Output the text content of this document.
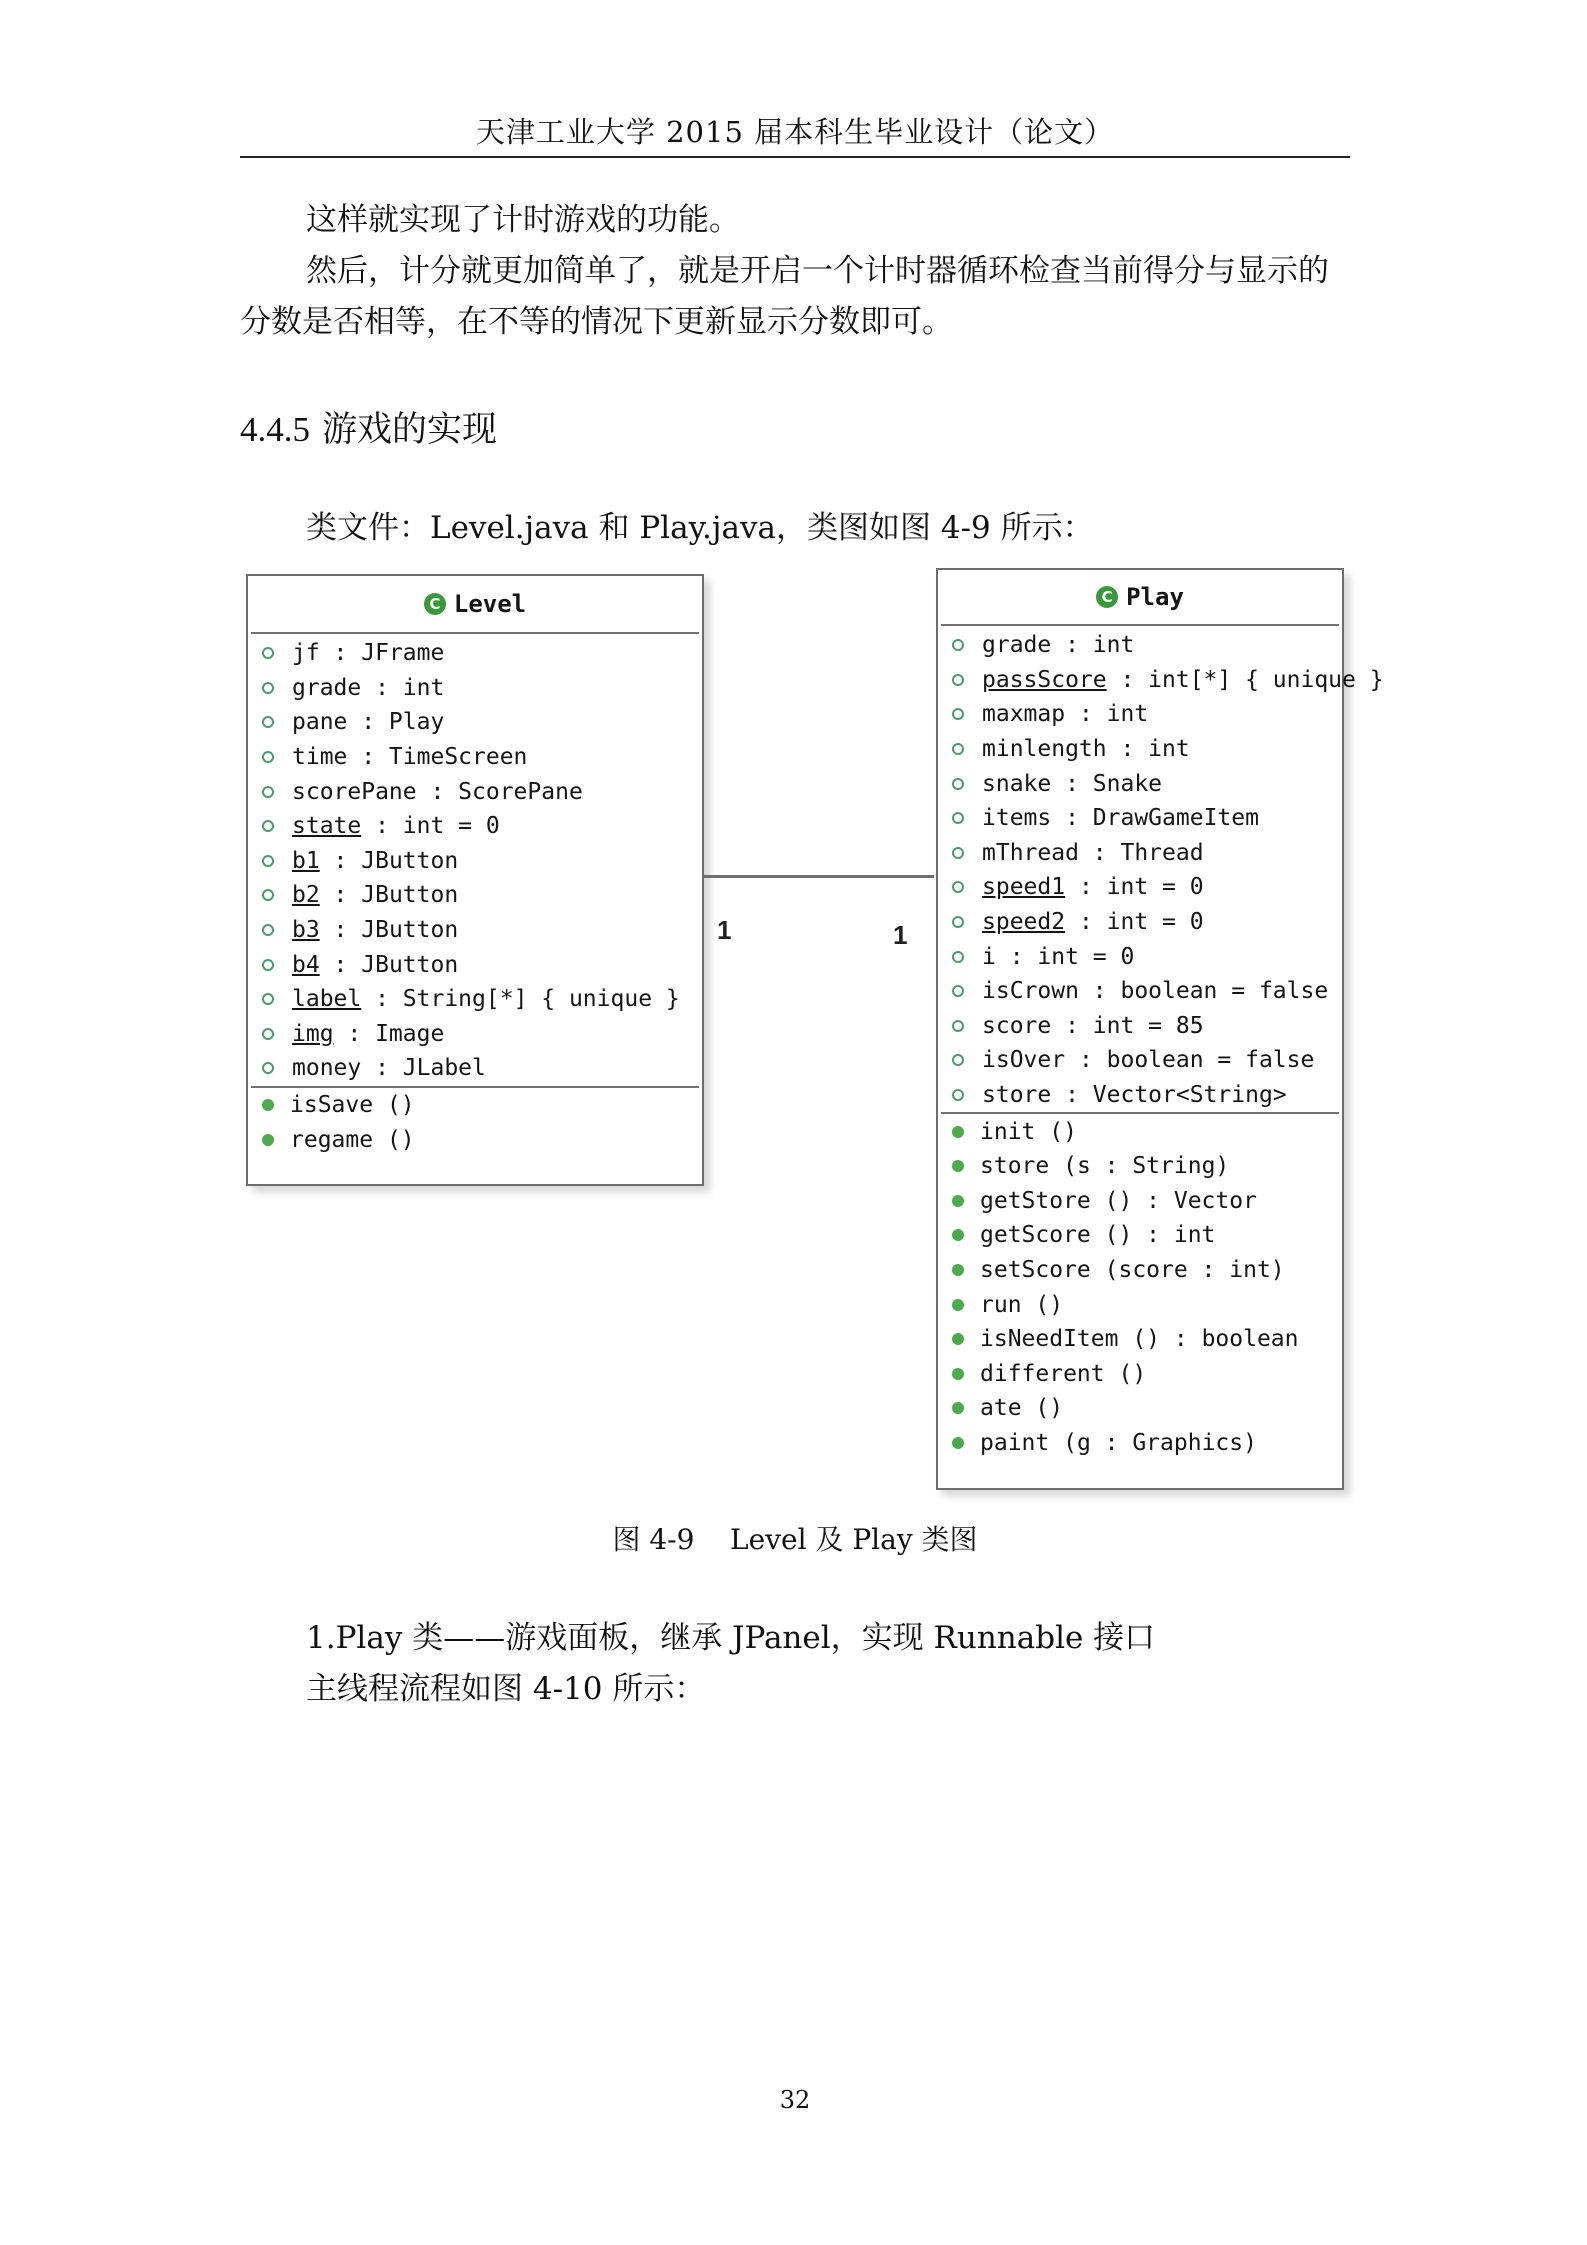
天津工业大学 2015 届本科生毕业设计（论文）
这样就实现了计时游戏的功能。
然后，计分就更加简单了，就是开启一个计时器循环检查当前得分与显示的
分数是否相等，在不等的情况下更新显示分数即可。
4.4.5 游戏的实现
类文件：Level.java 和 Play.java，类图如图 4-9 所示：
C Level
jf : JFrame
grade : int
pane : Play
time : TimeScreen
scorePane : ScorePane
state : int = 0
b1 : JButton
b2 : JButton
b3 : JButton
b4 : JButton
label : String[*] { unique }
img : Image
money : JLabel
isSave ()
regame ()
C Play
grade : int
passScore : int[*] { unique }
maxmap : int
minlength : int
snake : Snake
items : DrawGameItem
mThread : Thread
speed1 : int = 0
speed2 : int = 0
i : int = 0
isCrown : boolean = false
score : int = 85
isOver : boolean = false
store : Vector<String>
init ()
store (s : String)
getStore () : Vector
getScore () : int
setScore (score : int)
run ()
isNeedItem () : boolean
different ()
ate ()
paint (g : Graphics)
1	1
图 4-9    Level 及 Play 类图
1.Play 类——游戏面板，继承 JPanel，实现 Runnable 接口
主线程流程如图 4-10 所示：
32
